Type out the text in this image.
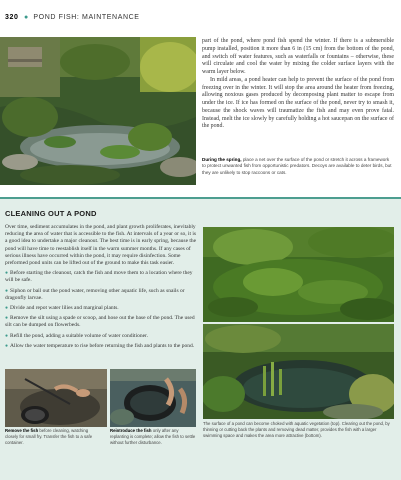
320 ● POND FISH: MAINTENANCE

part of the pond, where pond fish spend the winter. If there is a submersible pump installed, position it more than 6 in (15 cm) from the bottom of the pond, and switch off water features, such as waterfalls or fountains – otherwise, these will circulate and cool the water by mixing the colder surface layers with the warm layer below.

In mild areas, a pond heater can help to prevent the surface of the pond from freezing over in the winter. It will stop the area around the heater from freezing, allowing noxious gases produced by decomposing plant matter to escape from under the ice. If ice has formed on the surface of the pond, never try to smash it, because the shock waves will traumatize the fish and may even prove fatal. Instead, melt the ice slowly by carefully holding a hot saucepan on the surface of the pond.

During the spring, place a net over the surface of the pond or stretch it across a framework to protect unwanted fish from opportunistic predators. Decoys are available to deter birds, but they are unlikely to stop raccoons or cats.
CLEANING OUT A POND

Over time, sediment accumulates in the pond, and plant growth proliferates, inevitably reducing the area of water that is accessible to the fish. At intervals of a year or so, it is a good idea to undertake a major cleanout. The best time is in early spring, because the pond will have time to reestablish itself in the warm summer months. If any cases of serious illness have occurred within the pond, it may require disinfection. Some preformed pond units can be lifted out of the ground to make this task easier.

● Before starting the cleanout, catch the fish and move them to a location where they will be safe.

● Siphon or bail out the pond water, removing other aquatic life, such as snails or dragonfly larvae.

● Divide and repot water lilies and marginal plants.

● Remove the silt using a spade or scoop, and hose out the base of the pond. The used silt can be dumped on flowerbeds.

● Refill the pond, adding a suitable volume of water conditioner.

● Allow the water temperature to rise before returning the fish and plants to the pond.

Remove the fish before cleaning, watching closely for small fry. Transfer the fish to a safe container.
Reintroduce the fish only after any replanting is complete; allow the fish to settle without further disturbance.
The surface of a pond can become choked with aquatic vegetation (top). Clearing out the pond, by thinning or cutting back the plants and removing dead matter, provides the fish with a larger swimming space and makes the area more attractive (bottom).
